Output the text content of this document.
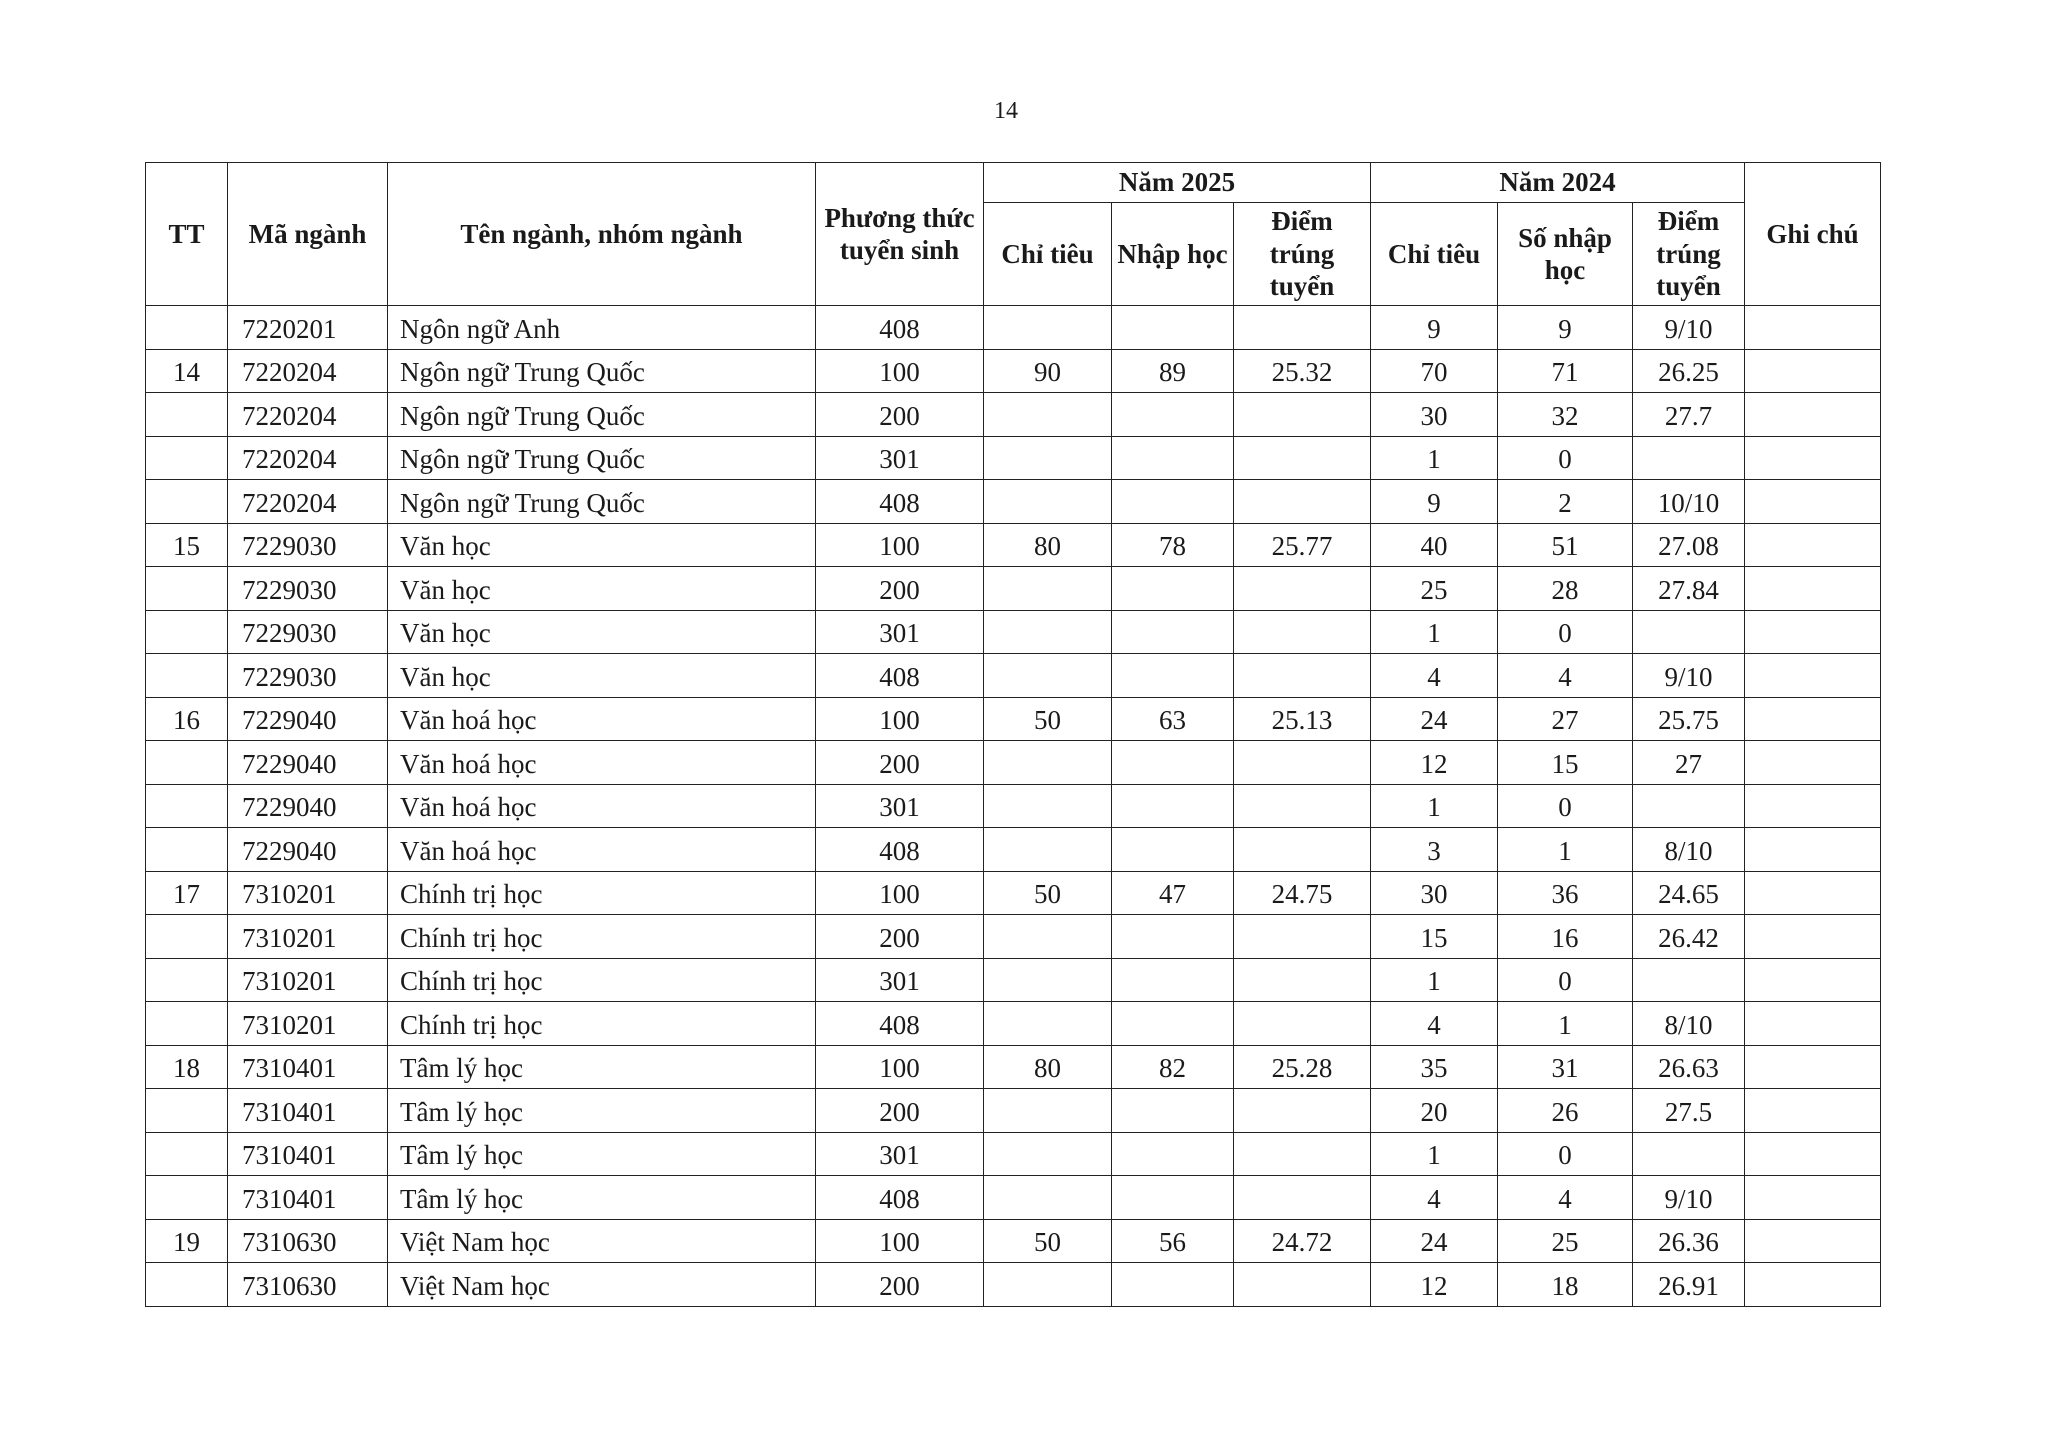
14
TT	Mã ngành	Tên ngành, nhóm ngành	Phương thức tuyển sinh	Năm 2025			Năm 2024			Ghi chú
				Chỉ tiêu	Nhập học	Điểm trúng tuyển	Chỉ tiêu	Số nhập học	Điểm trúng tuyển	
	7220201	Ngôn ngữ Anh	408				9	9	9/10	
14	7220204	Ngôn ngữ Trung Quốc	100	90	89	25.32	70	71	26.25	
	7220204	Ngôn ngữ Trung Quốc	200				30	32	27.7	
	7220204	Ngôn ngữ Trung Quốc	301				1	0		
	7220204	Ngôn ngữ Trung Quốc	408				9	2	10/10	
15	7229030	Văn học	100	80	78	25.77	40	51	27.08	
	7229030	Văn học	200				25	28	27.84	
	7229030	Văn học	301				1	0		
	7229030	Văn học	408				4	4	9/10	
16	7229040	Văn hoá học	100	50	63	25.13	24	27	25.75	
	7229040	Văn hoá học	200				12	15	27	
	7229040	Văn hoá học	301				1	0		
	7229040	Văn hoá học	408				3	1	8/10	
17	7310201	Chính trị học	100	50	47	24.75	30	36	24.65	
	7310201	Chính trị học	200				15	16	26.42	
	7310201	Chính trị học	301				1	0		
	7310201	Chính trị học	408				4	1	8/10	
18	7310401	Tâm lý học	100	80	82	25.28	35	31	26.63	
	7310401	Tâm lý học	200				20	26	27.5	
	7310401	Tâm lý học	301				1	0		
	7310401	Tâm lý học	408				4	4	9/10	
19	7310630	Việt Nam học	100	50	56	24.72	24	25	26.36	
	7310630	Việt Nam học	200				12	18	26.91	
